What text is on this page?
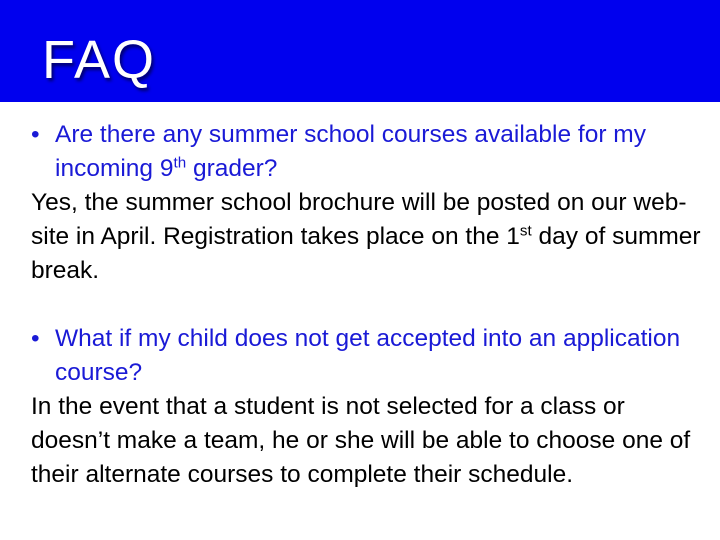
FAQ
• Are there any summer school courses available for my incoming 9th grader?
Yes, the summer school brochure will be posted on our web-site in April. Registration takes place on the 1st day of summer break.
• What if my child does not get accepted into an application course?
In the event that a student is not selected for a class or doesn’t make a team, he or she will be able to choose one of their alternate courses to complete their schedule.
